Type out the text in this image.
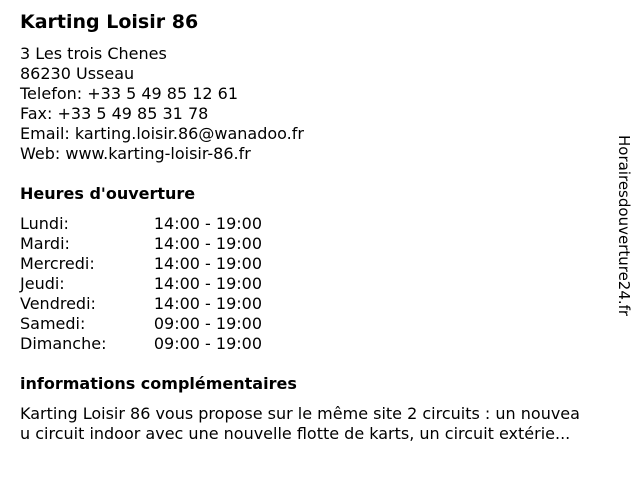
Karting Loisir 86
3 Les trois Chenes
86230 Usseau
Telefon: +33 5 49 85 12 61
Fax: +33 5 49 85 31 78
Email: karting.loisir.86@wanadoo.fr
Web: www.karting-loisir-86.fr
Heures d'ouverture
Lundi:	14:00 - 19:00
Mardi:	14:00 - 19:00
Mercredi:	14:00 - 19:00
Jeudi:	14:00 - 19:00
Vendredi:	14:00 - 19:00
Samedi:	09:00 - 19:00
Dimanche:	09:00 - 19:00
informations complémentaires
Karting Loisir 86 vous propose sur le même site 2 circuits : un nouvea
u circuit indoor avec une nouvelle flotte de karts, un circuit extérie...
Horairesdouverture24.fr
